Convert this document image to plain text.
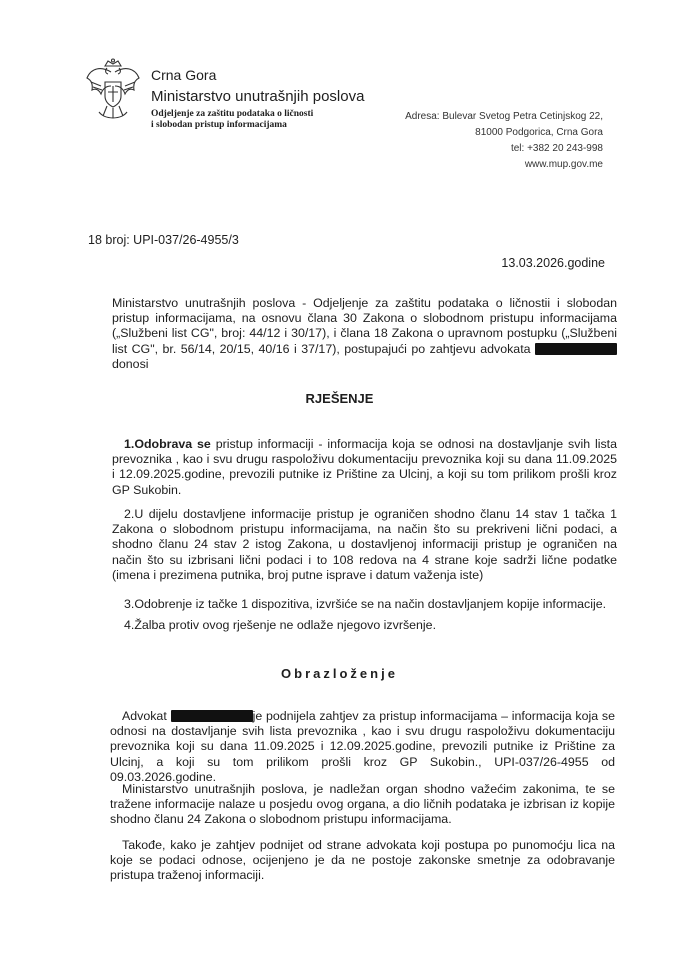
Crna Gora
Ministarstvo unutrašnjih poslova
Odjeljenje za zaštitu podataka o ličnosti
i slobodan pristup informacijama
Adresa: Bulevar Svetog Petra Cetinjskog 22,
81000 Podgorica, Crna Gora
tel: +382 20 243-998
www.mup.gov.me
18 broj: UPI-037/26-4955/3
13.03.2026.godine
Ministarstvo unutrašnjih poslova - Odjeljenje za zaštitu podataka o ličnostii i slobodan pristup informacijama, na osnovu člana 30 Zakona o slobodnom pristupu informacijama („Službeni list CG", broj: 44/12 i 30/17), i člana 18 Zakona o upravnom postupku („Službeni list CG", br. 56/14, 20/15, 40/16 i 37/17), postupajući po zahtjevu advokata  donosi
RJEŠENJE
1.Odobrava se pristup informaciji - informacija koja se odnosi na dostavljanje svih lista prevoznika , kao i svu drugu raspoloživu dokumentaciju prevoznika koji su dana 11.09.2025 i 12.09.2025.godine, prevozili putnike iz Prištine za Ulcinj, a koji su tom prilikom prošli kroz GP Sukobin.
2.U dijelu dostavljene informacije pristup je ograničen shodno članu 14 stav 1 tačka 1 Zakona o slobodnom pristupu informacijama, na način što su prekriveni lični podaci, a shodno članu 24 stav 2 istog Zakona, u dostavljenoj informaciji pristup je ograničen na način što su izbrisani lični podaci i to 108 redova na 4 strane koje sadrži lične podatke (imena i prezimena putnika, broj putne isprave i datum važenja iste)
3.Odobrenje iz tačke 1 dispozitiva, izvršiće se na način dostavljanjem kopije informacije.
4.Žalba protiv ovog rješenje ne odlaže njegovo izvršenje.
Obrazloženje
Advokat	je podnijela zahtjev za pristup informacijama – informacija koja se odnosi na dostavljanje svih lista prevoznika , kao i svu drugu raspoloživu dokumentaciju prevoznika koji su dana 11.09.2025 i 12.09.2025.godine, prevozili putnike iz Prištine za Ulcinj, a koji su tom prilikom prošli kroz GP Sukobin., UPI-037/26-4955 od 09.03.2026.godine.
Ministarstvo unutrašnjih poslova, je nadležan organ shodno važećim zakonima, te se tražene informacije nalaze u posjedu ovog organa, a dio ličnih podataka je izbrisan iz kopije shodno članu 24 Zakona o slobodnom pristupu informacijama.
Takođe, kako je zahtjev podnijet od strane advokata koji postupa po punomoćju lica na koje se podaci odnose, ocijenjeno je da ne postoje zakonske smetnje za odobravanje pristupa traženoj informaciji.
